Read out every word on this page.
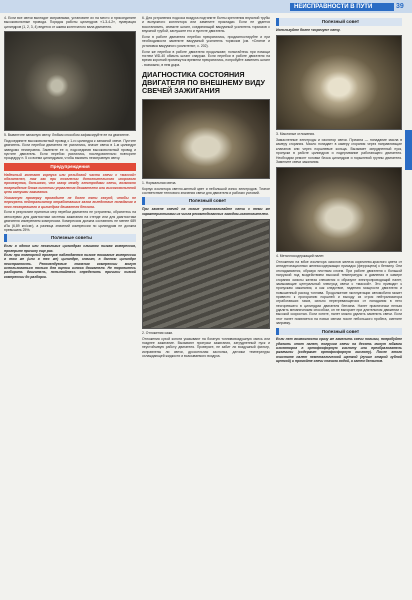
НЕИСПРАВНОСТИ В ПУТИ	39

4. Если все свечи выглядят исправными, установите их на место и присоедините высоковольтные провода. Порядок работы цилиндров «1-3-4-2», нумерация цилиндров (1, 2, 3, 4) ведется от шкива коленчатого вала двигателя.

5. Вывинтите запасную свечу. Любым способом зафиксируйте ее на двигателе.

Подсоедините высоковольтный провод с 1-го цилиндра к запасной свече. Пустите двигатель. Если перебои двигателя не усилились, значит свеча в 1-м цилиндре заведомо неисправна. Замените ее и, подсоединив высоковольтный провод и пустите двигатель. Если перебои усилились, последовательно повторите процедуру п. 5 со всеми цилиндрами, чтобы выявить неисправную свечу.

Предупреждения

Надежный контакт корпуса или резьбовой части свечи с «массой» обязателен, так как при появлении дополнительного искрового промежутка, большего, чем зазор между электродами свечи, возможно повреждение блока системы управления двигателем или высоковольтной цепи катушки зажигания.

Указанную проверку проводите не более пяти секунд, чтобы не перегреть нейтрализатор отработавших газов вследствие попадания в него несгоревшего в цилиндрах двигателя бензина.

Если в результате принятых мер перебои двигателя не устранены, обратитесь на автосервис для диагностики системы зажигания на стенде или для диагностики двигателя измерением компрессии. Компрессия должна составлять не менее 689 кПа (6,89 кгс/см²), а разница значений компрессии по цилиндрам не должна превышать 25%.

Полезные советы

Если в одном или нескольких цилиндрах слишком низкая компрессия, проверьте причину еще раз.

Если при повторной проверке наблюдается низкое показание компрессии в том же (или в тех же) цилиндре, значит, в данном цилиндре неисправность. Рекомендуемые значения компрессии могут использоваться только для оценки износа двигателя. Не торопитесь разбирать двигатель, попытайтесь определить причины низкой компрессии до разборки.

6. Для устранения подсоса воздуха подтяните болты крепления впускной трубы и выпускного коллектора или замените прокладки. Если не удается восстановить, снимите шланг, соединяющий вакуумный усилитель тормозов с впускной трубой, заглушите его и пустите двигатель.

Если в работе двигателя перебои прекратились, продиагностируйте и при необходимости замените вакуумный усилитель тормозов (см. «Снятие и установка вакуумного усилителя», с. 202).

Если же перебои в работе двигателя продолжают, попытайтесь при помощи тиглем WD-40 обмыть шланг снаружи. Если перебои в работе двигателя на время короткий промежуток времени прекратились, попробуйте заменить шланг - возможно, в нем дыра.

ДИАГНОСТИКА СОСТОЯНИЯ ДВИГАТЕЛЯ ПО ВНЕШНЕМУ ВИДУ СВЕЧЕЙ ЗАЖИГАНИЯ

1. Нормальная свеча.

Корпус изолятора светло-желтый цвет и небольшой износ электродов. Точное соответствие теплового значения свечи для двигателя и рабочих условий.

Полезный совет

При замене свечей на новые устанавливайте свечи с теми же характеристиками из числа рекомендованных заводом-изготовителем.

2. Отложения сажи.

Отложения сухой копоти указывают на богатую топливовоздушную смесь или позднее зажигание. Вызывают пропуски зажигания, затрудненный пуск и неустойчивую работу двигателя. Проверьте, не забит ли воздушный фильтр, исправлены ли свечи, дроссельная заслонка, датчики температуры охлаждающей жидкости и всасываемого воздуха.

Полезный совет

Используйте более «горячую» свечу.

3. Масляные отложения.

Замасленные электроды и изолятор свечи. Причина — попадание масла в камеру сгорания. Масло попадает в камеру сгорания через направляющие клапанов или через поршневые кольца. Вызывает затрудненный пуск, пропуски в работе цилиндров и подергивание работающего двигателя. Необходим ремонт головки блока цилиндров и поршневой группы двигателя. Замените свечи зажигания.

4. Металлосодержащий налет.

Отложения на юбке изолятора окислов железа коричнево-красного цвета от антидетонационных железосодержащих присадок (ферроцена) к бензину. Они откладываются, образуя плотным слоем. При работе двигателя с большой нагрузкой под воздействием высокой температуры и давления в камере сгорания окислы железа спекаются и образуют электропроводящий налет, замыкающие центральный электрод свечи с «массой». Это приводит к пропускам зажигания, а как следствие, падению мощности двигателя и повышенный расход топлива. Продолжение эксплуатации автомобиля может привести к прогоранию поршней и выходу из строя нейтрализатора отработавших газов, сильно перегревающегося от попадания в него несгоревшего в цилиндрах двигателя бензина. Налет практически нельзя удалить механическим способом, он не выгорает при длительном движении с высокой скоростью. Если хотите, налет можно удалить заменить свечи. Если этот налет появляется на новых свечах после небольшого пробега, смените заправку.

Полезный совет

Если нет возможности сразу же заменить свечи новыми, попробуйте удалить этот налет, погрузив свечи на десять минут юбками изоляторов в ортофосфорную кислоту или преобразователь ржавчины (содержит ортофосфорную кислоту). После этого очистите налет неметаллической щеткой (лучше старой зубной щеткой) и промойте свечи сначала водой, а затем бензином.
